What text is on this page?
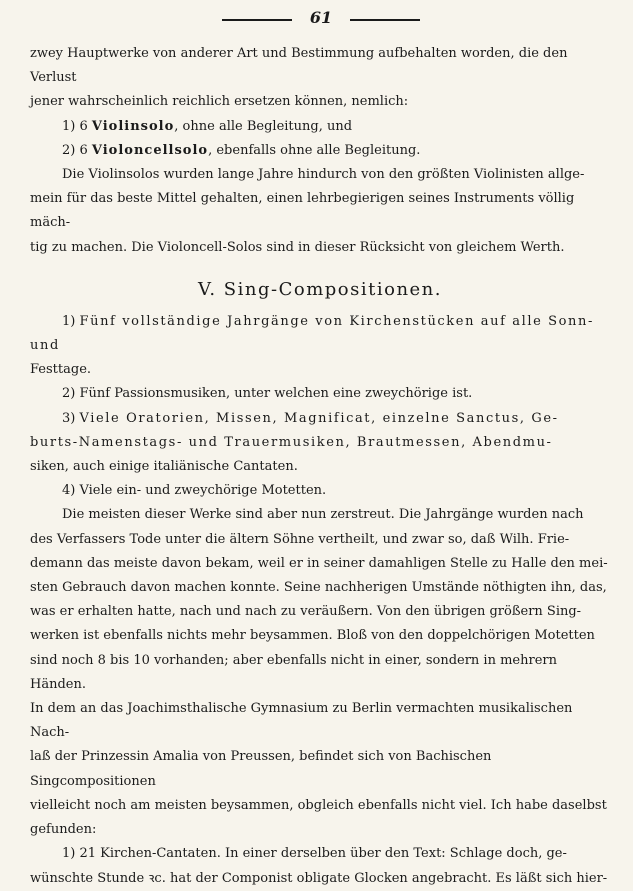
61
zwey Hauptwerke von anderer Art und Bestimmung aufbehalten worden, die den Verlust
jener wahrscheinlich reichlich ersetzen können, nemlich:
1) 6 Violinsolo, ohne alle Begleitung, und
2) 6 Violoncellsolo, ebenfalls ohne alle Begleitung.
Die Violinsolos wurden lange Jahre hindurch von den größten Violinisten allge-
mein für das beste Mittel gehalten, einen lehrbegierigen seines Instruments völlig mäch-
tig zu machen. Die Violoncell-Solos sind in dieser Rücksicht von gleichem Werth.
V. Sing-Compositionen.
1) Fünf vollständige Jahrgänge von Kirchenstücken auf alle Sonn- und
Festtage.
2) Fünf Passionsmusiken, unter welchen eine zweychörige ist.
3) Viele Oratorien, Missen, Magnificat, einzelne Sanctus, Ge-
burts-Namenstags- und Trauermusiken, Brautmessen, Abendmu-
siken, auch einige italiänische Cantaten.
4) Viele ein- und zweychörige Motetten.
Die meisten dieser Werke sind aber nun zerstreut. Die Jahrgänge wurden nach
des Verfassers Tode unter die ältern Söhne vertheilt, und zwar so, daß Wilh. Frie-
demann das meiste davon bekam, weil er in seiner damahligen Stelle zu Halle den mei-
sten Gebrauch davon machen konnte. Seine nachherigen Umstände nöthigten ihn, das,
was er erhalten hatte, nach und nach zu veräußern. Von den übrigen größern Sing-
werken ist ebenfalls nichts mehr beysammen. Bloß von den doppelchörigen Motetten
sind noch 8 bis 10 vorhanden; aber ebenfalls nicht in einer, sondern in mehrern Händen.
In dem an das Joachimsthalische Gymnasium zu Berlin vermachten musikalischen Nach-
laß der Prinzessin Amalia von Preussen, befindet sich von Bachischen Singcompositionen
vielleicht noch am meisten beysammen, obgleich ebenfalls nicht viel. Ich habe daselbst
gefunden:
1) 21 Kirchen-Cantaten. In einer derselben über den Text: Schlage doch, ge-
wünschte Stunde ꝛc. hat der Componist obligate Glocken angebracht. Es läßt sich hier-
